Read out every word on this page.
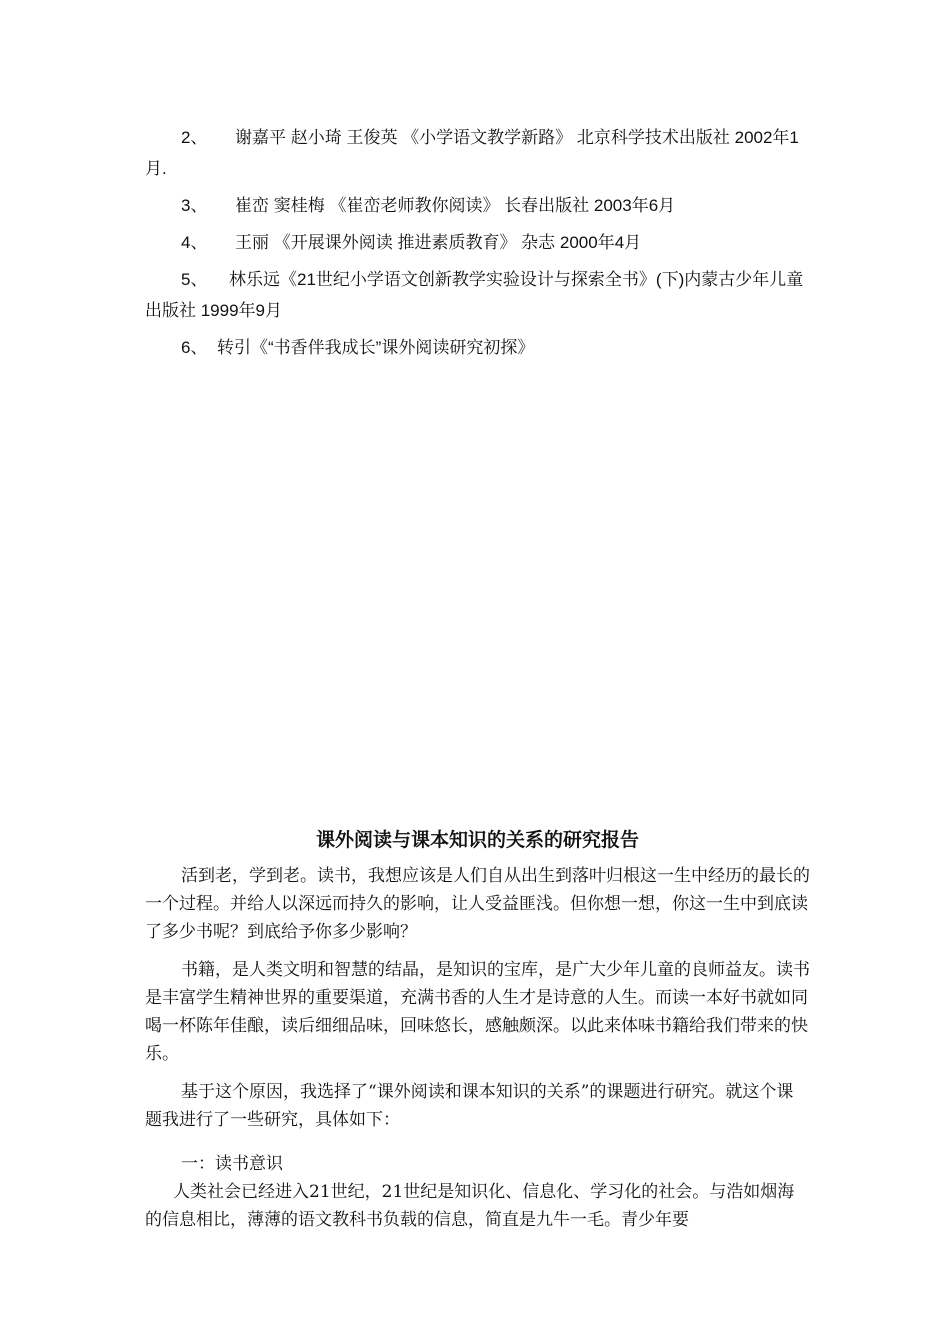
2、 谢嘉平 赵小琦 王俊英 《小学语文教学新路》 北京科学技术出版社 2002年1月.
3、 崔峦 窦桂梅 《崔峦老师教你阅读》 长春出版社 2003年6月
4、 王丽 《开展课外阅读 推进素质教育》 杂志 2000年4月
5、 林乐远《21世纪小学语文创新教学实验设计与探索全书》(下)内蒙古少年儿童出版社 1999年9月
6、 转引《“书香伴我成长”课外阅读研究初探》
课外阅读与课本知识的关系的研究报告

活到老，学到老。读书，我想应该是人们自从出生到落叶归根这一生中经历的最长的一个过程。并给人以深远而持久的影响，让人受益匪浅。但你想一想，你这一生中到底读了多少书呢？到底给予你多少影响？

书籍，是人类文明和智慧的结晶，是知识的宝库，是广大少年儿童的良师益友。读书是丰富学生精神世界的重要渠道，充满书香的人生才是诗意的人生。而读一本好书就如同喝一杯陈年佳酿，读后细细品味，回味悠长，感触颇深。以此来体味书籍给我们带来的快乐。

基于这个原因，我选择了“课外阅读和课本知识的关系”的课题进行研究。就这个课题我进行了一些研究，具体如下：

一：读书意识

人类社会已经进入21世纪，21世纪是知识化、信息化、学习化的社会。与浩如烟海的信息相比，薄薄的语文教科书负载的信息，简直是九牛一毛。青少年要
